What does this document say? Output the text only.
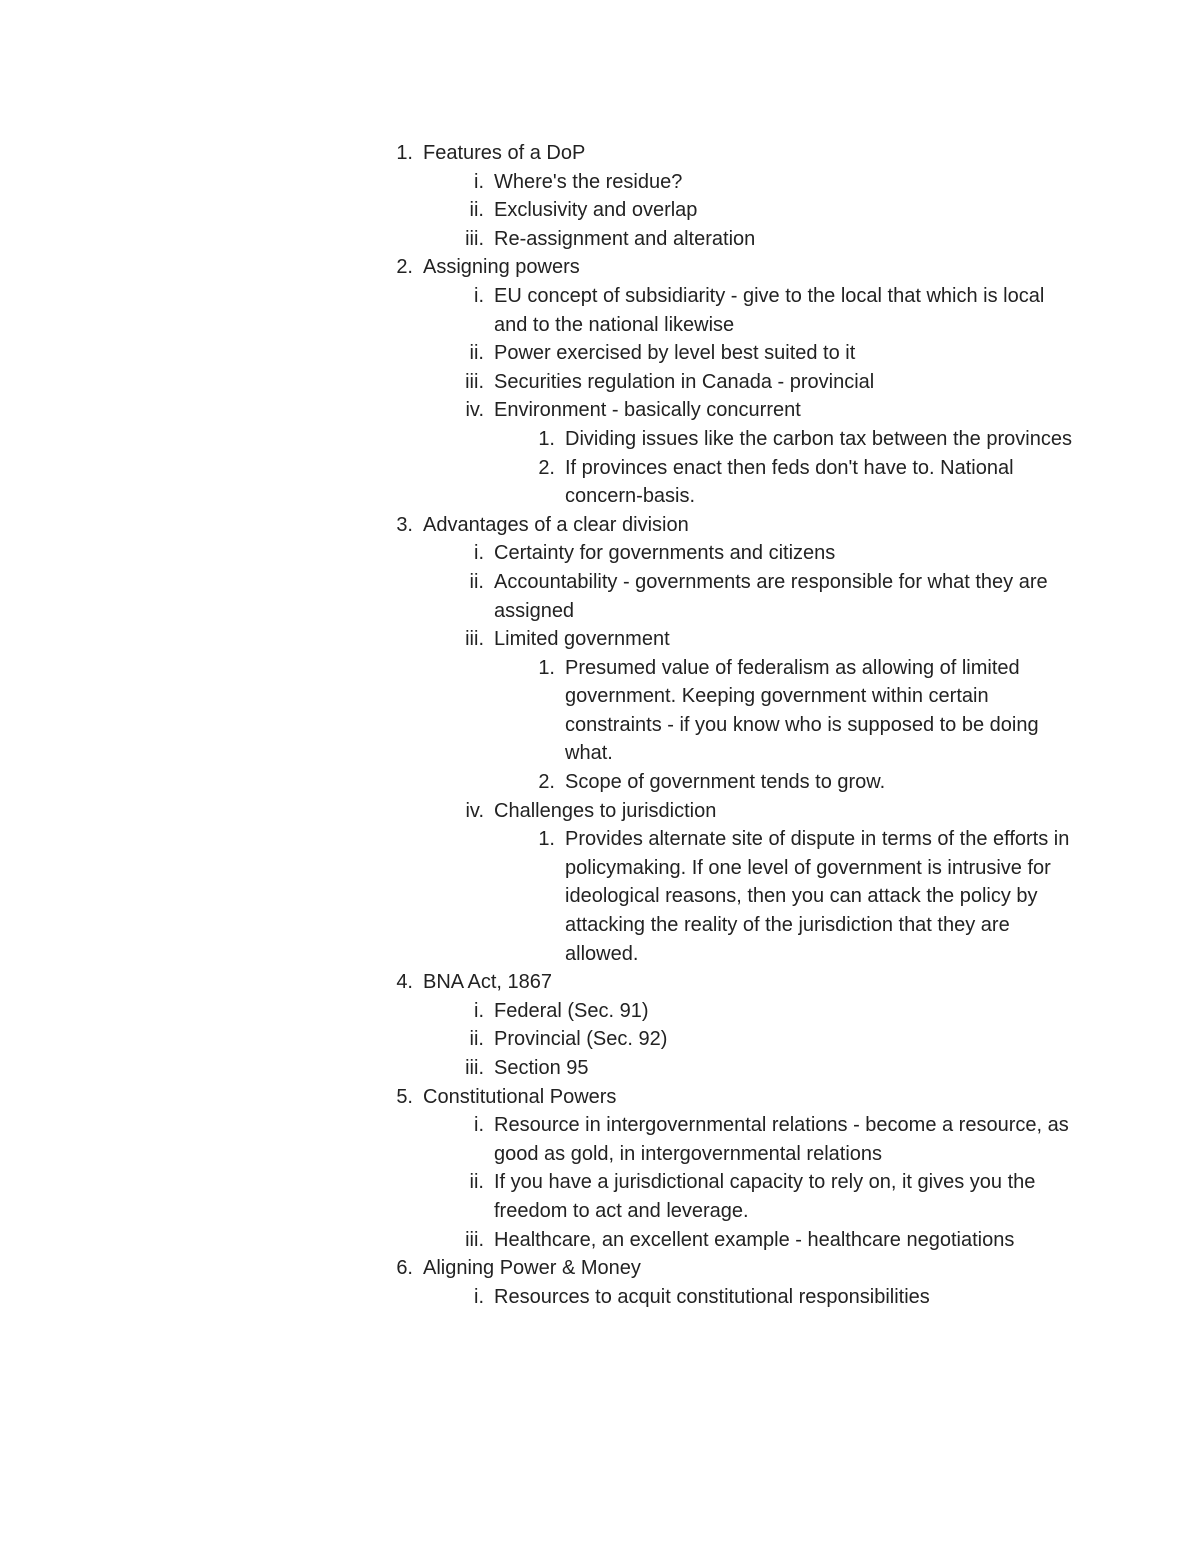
1. Features of a DoP
i. Where's the residue?
ii. Exclusivity and overlap
iii. Re-assignment and alteration
2. Assigning powers
i. EU concept of subsidiarity - give to the local that which is local and to the national likewise
ii. Power exercised by level best suited to it
iii. Securities regulation in Canada - provincial
iv. Environment - basically concurrent
1. Dividing issues like the carbon tax between the provinces
2. If provinces enact then feds don't have to. National concern-basis.
3. Advantages of a clear division
i. Certainty for governments and citizens
ii. Accountability - governments are responsible for what they are assigned
iii. Limited government
1. Presumed value of federalism as allowing of limited government. Keeping government within certain constraints - if you know who is supposed to be doing what.
2. Scope of government tends to grow.
iv. Challenges to jurisdiction
1. Provides alternate site of dispute in terms of the efforts in policymaking. If one level of government is intrusive for ideological reasons, then you can attack the policy by attacking the reality of the jurisdiction that they are allowed.
4. BNA Act, 1867
i. Federal (Sec. 91)
ii. Provincial (Sec. 92)
iii. Section 95
5. Constitutional Powers
i. Resource in intergovernmental relations - become a resource, as good as gold, in intergovernmental relations
ii. If you have a jurisdictional capacity to rely on, it gives you the freedom to act and leverage.
iii. Healthcare, an excellent example - healthcare negotiations
6. Aligning Power & Money
i. Resources to acquit constitutional responsibilities
